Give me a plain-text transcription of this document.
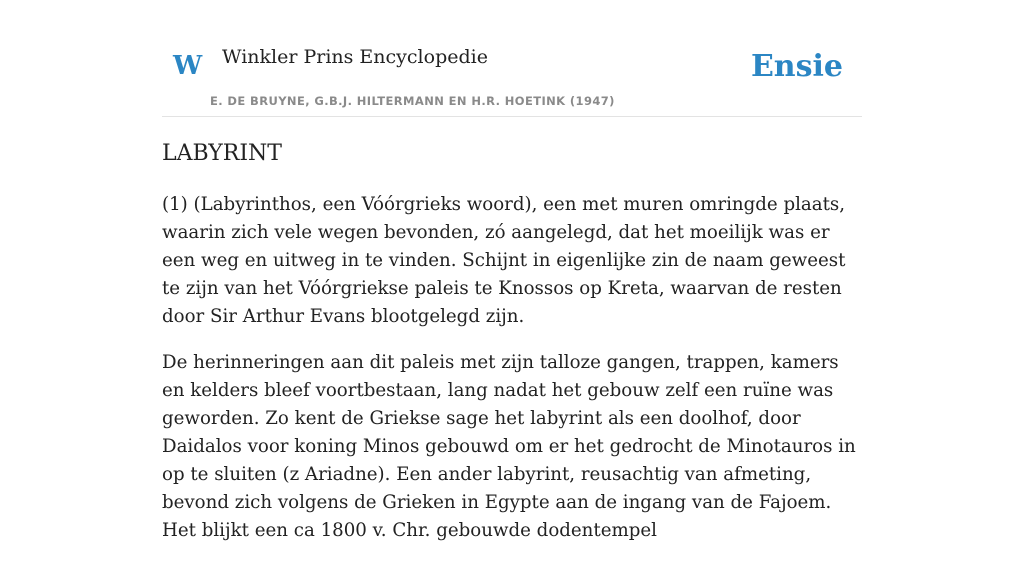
W Winkler Prins Encyclopedie
E. DE BRUYNE, G.B.J. HILTERMANN EN H.R. HOETINK (1947)
Ensie
LABYRINT

(1) (Labyrinthos, een Vóórgrieks woord), een met muren omringde plaats, waarin zich vele wegen bevonden, zó aangelegd, dat het moeilijk was er een weg en uitweg in te vinden. Schijnt in eigenlijke zin de naam geweest te zijn van het Vóórgriekse paleis te Knossos op Kreta, waarvan de resten door Sir Arthur Evans blootgelegd zijn.

De herinneringen aan dit paleis met zijn talloze gangen, trappen, kamers en kelders bleef voortbestaan, lang nadat het gebouw zelf een ruïne was geworden. Zo kent de Griekse sage het labyrint als een doolhof, door Daidalos voor koning Minos gebouwd om er het gedrocht de Minotauros in op te sluiten (z Ariadne). Een ander labyrint, reusachtig van afmeting, bevond zich volgens de Grieken in Egypte aan de ingang van de Fajoem. Het blijkt een ca 1800 v. Chr. gebouwde dodentempel
